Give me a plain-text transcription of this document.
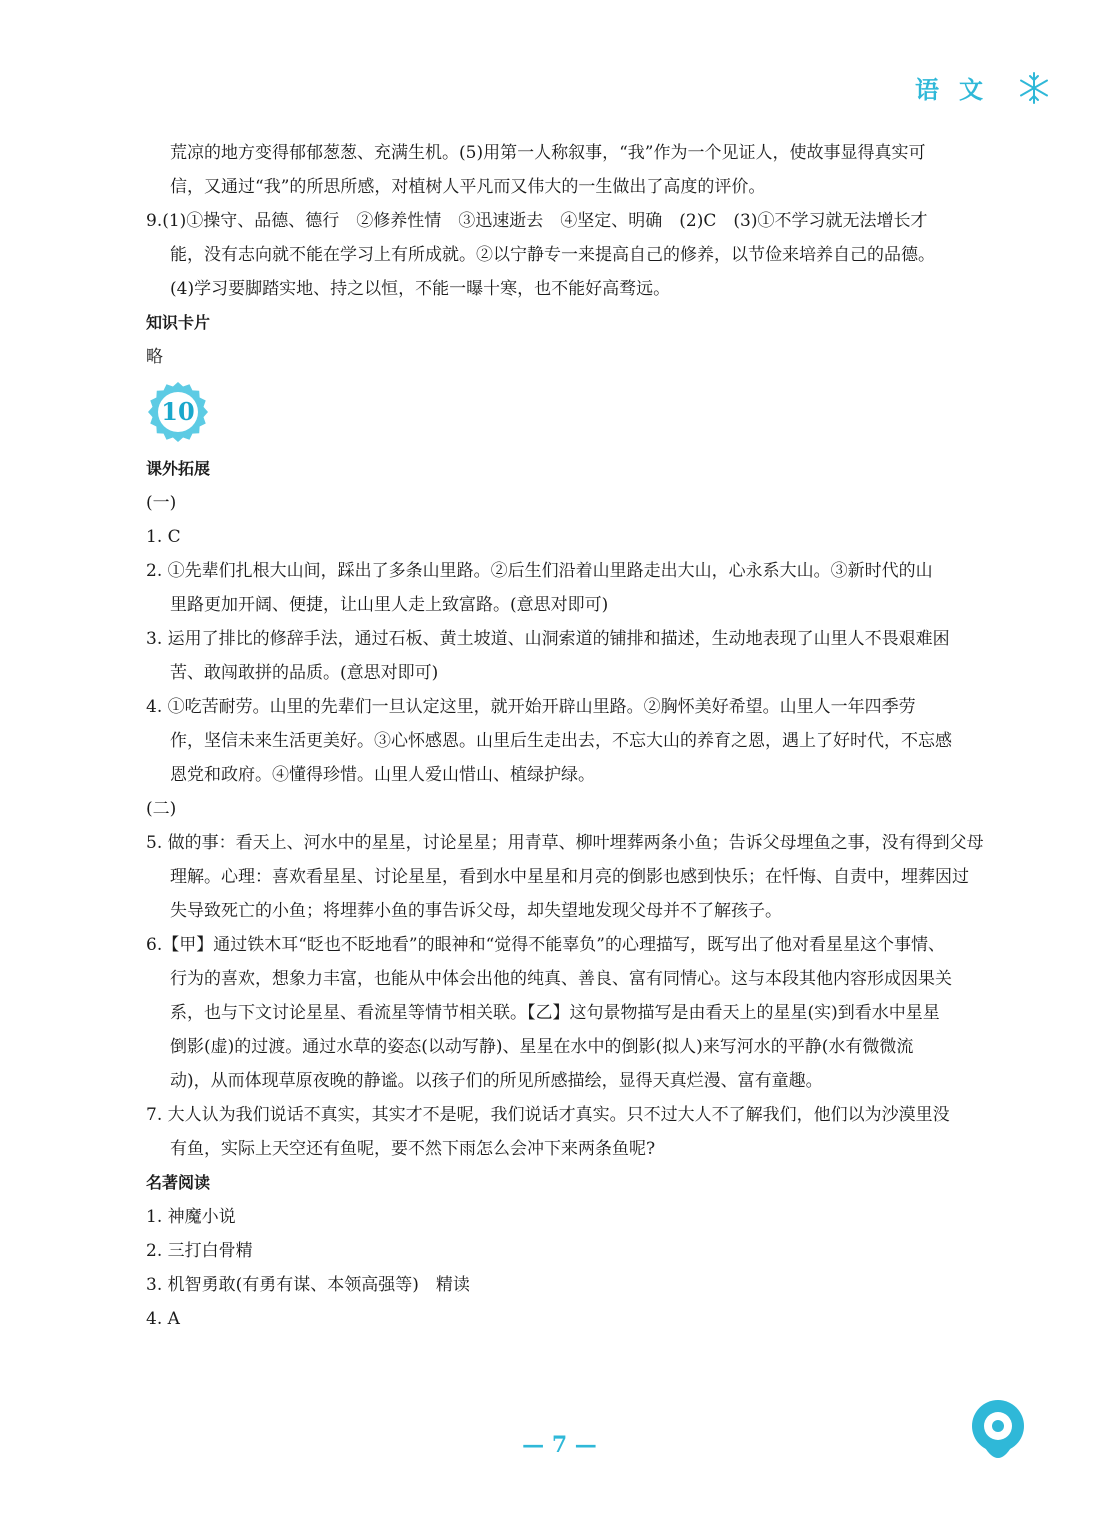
语文

荒凉的地方变得郁郁葱葱、充满生机。(5)用第一人称叙事，“我”作为一个见证人，使故事显得真实可

信，又通过“我”的所思所感，对植树人平凡而又伟大的一生做出了高度的评价。

9.(1)①操守、品德、德行　②修养性情　③迅速逝去　④坚定、明确　(2)C　(3)①不学习就无法增长才

能，没有志向就不能在学习上有所成就。②以宁静专一来提高自己的修养，以节俭来培养自己的品德。

(4)学习要脚踏实地、持之以恒，不能一曝十寒，也不能好高骛远。

知识卡片

略

10

课外拓展

(一)

1. C

2. ①先辈们扎根大山间，踩出了多条山里路。②后生们沿着山里路走出大山，心永系大山。③新时代的山

里路更加开阔、便捷，让山里人走上致富路。(意思对即可)

3. 运用了排比的修辞手法，通过石板、黄土坡道、山洞索道的铺排和描述，生动地表现了山里人不畏艰难困

苦、敢闯敢拼的品质。(意思对即可)

4. ①吃苦耐劳。山里的先辈们一旦认定这里，就开始开辟山里路。②胸怀美好希望。山里人一年四季劳

作，坚信未来生活更美好。③心怀感恩。山里后生走出去，不忘大山的养育之恩，遇上了好时代，不忘感

恩党和政府。④懂得珍惜。山里人爱山惜山、植绿护绿。

(二)

5. 做的事：看天上、河水中的星星，讨论星星；用青草、柳叶埋葬两条小鱼；告诉父母埋鱼之事，没有得到父母

理解。心理：喜欢看星星、讨论星星，看到水中星星和月亮的倒影也感到快乐；在忏悔、自责中，埋葬因过

失导致死亡的小鱼；将埋葬小鱼的事告诉父母，却失望地发现父母并不了解孩子。

6.【甲】通过铁木耳“眨也不眨地看”的眼神和“觉得不能辜负”的心理描写，既写出了他对看星星这个事情、

行为的喜欢，想象力丰富，也能从中体会出他的纯真、善良、富有同情心。这与本段其他内容形成因果关

系，也与下文讨论星星、看流星等情节相关联。【乙】这句景物描写是由看天上的星星(实)到看水中星星

倒影(虚)的过渡。通过水草的姿态(以动写静)、星星在水中的倒影(拟人)来写河水的平静(水有微微流

动)，从而体现草原夜晚的静谧。以孩子们的所见所感描绘，显得天真烂漫、富有童趣。

7. 大人认为我们说话不真实，其实才不是呢，我们说话才真实。只不过大人不了解我们，他们以为沙漠里没

有鱼，实际上天空还有鱼呢，要不然下雨怎么会冲下来两条鱼呢?

名著阅读

1. 神魔小说

2. 三打白骨精

3. 机智勇敢(有勇有谋、本领高强等)　精读

4. A

— 7 —
